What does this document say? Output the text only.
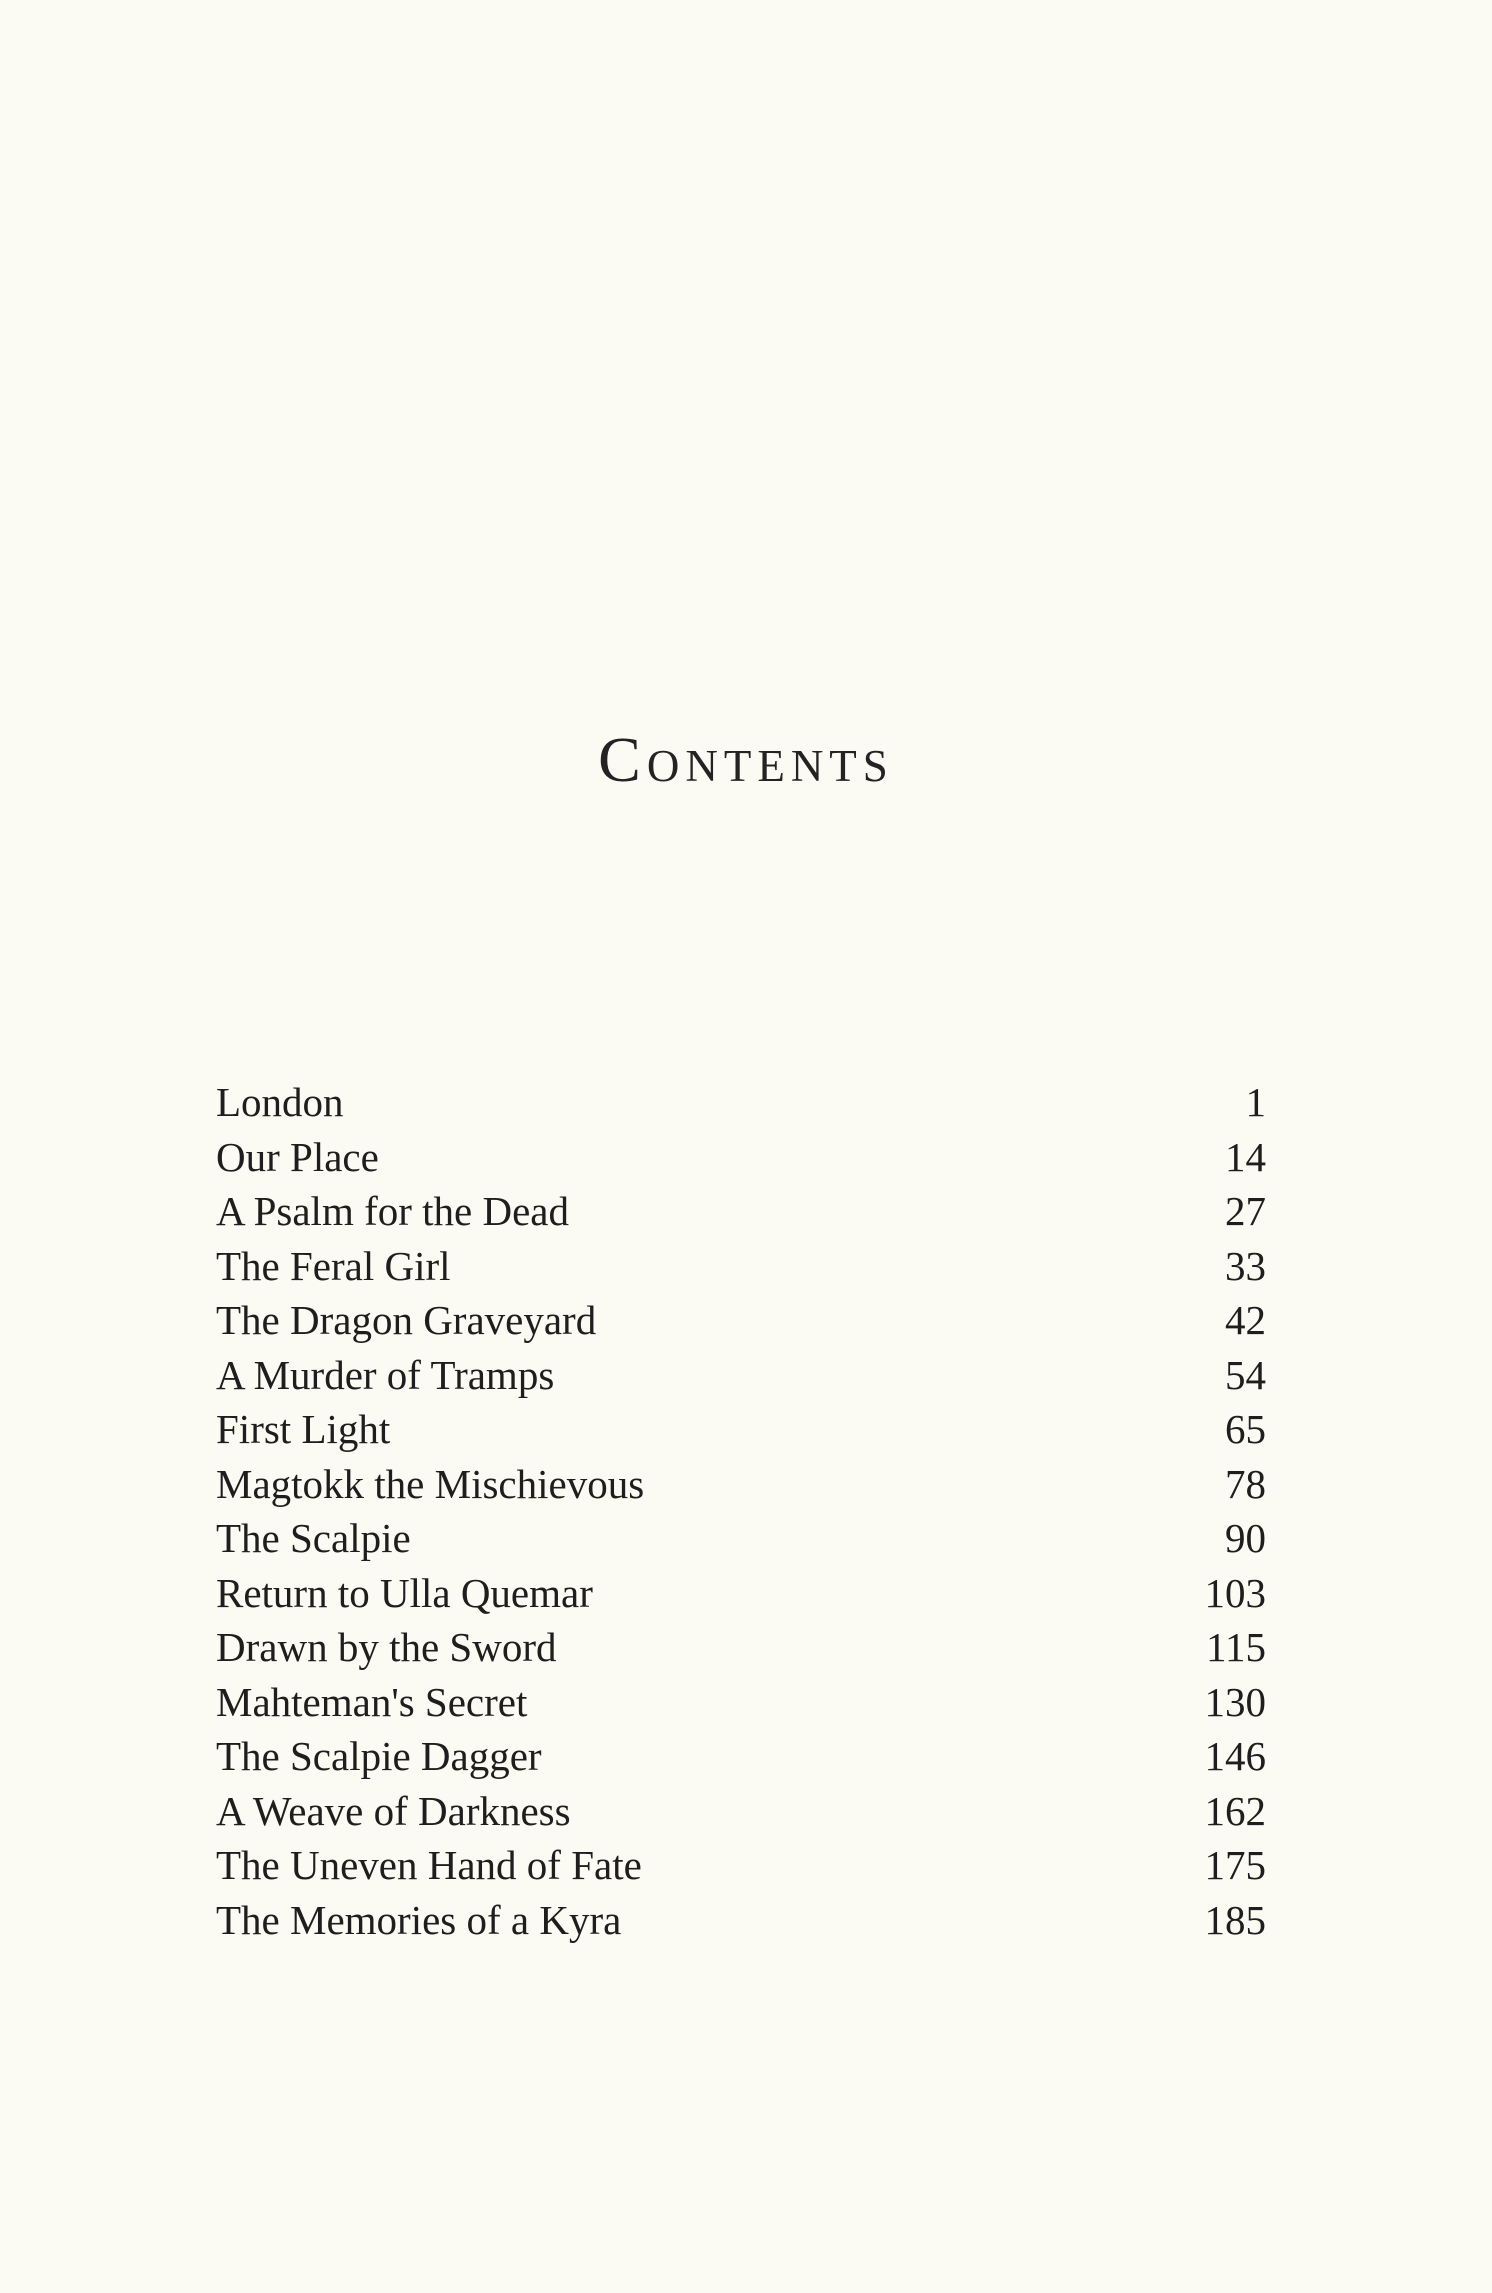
Contents
London	1
Our Place	14
A Psalm for the Dead	27
The Feral Girl	33
The Dragon Graveyard	42
A Murder of Tramps	54
First Light	65
Magtokk the Mischievous	78
The Scalpie	90
Return to Ulla Quemar	103
Drawn by the Sword	115
Mahteman's Secret	130
The Scalpie Dagger	146
A Weave of Darkness	162
The Uneven Hand of Fate	175
The Memories of a Kyra	185
